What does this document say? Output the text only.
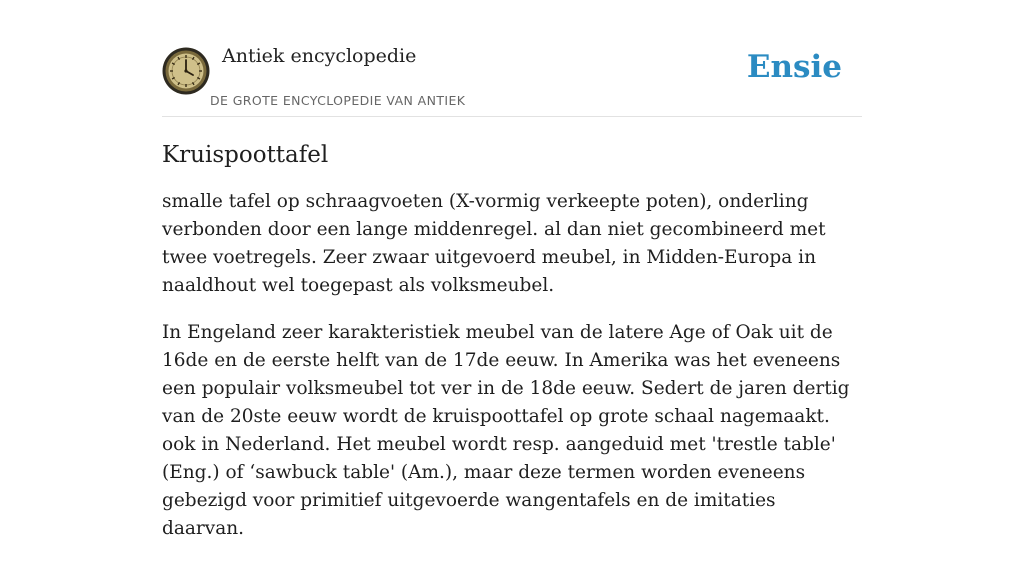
Antiek encyclopedie
DE GROTE ENCYCLOPEDIE VAN ANTIEK
Ensie
Kruispoottafel

smalle tafel op schraagvoeten (X-vormig verkeepte poten), onderling verbonden door een lange middenregel. al dan niet gecombineerd met twee voetregels. Zeer zwaar uitgevoerd meubel, in Midden-Europa in naaldhout wel toegepast als volksmeubel.

In Engeland zeer karakteristiek meubel van de latere Age of Oak uit de 16de en de eerste helft van de 17de eeuw. In Amerika was het eveneens een populair volksmeubel tot ver in de 18de eeuw. Sedert de jaren dertig van de 20ste eeuw wordt de kruispoottafel op grote schaal nagemaakt. ook in Nederland. Het meubel wordt resp. aangeduid met 'trestle table' (Eng.) of ‘sawbuck table' (Am.), maar deze termen worden eveneens gebezigd voor primitief uitgevoerde wangentafels en de imitaties daarvan.
